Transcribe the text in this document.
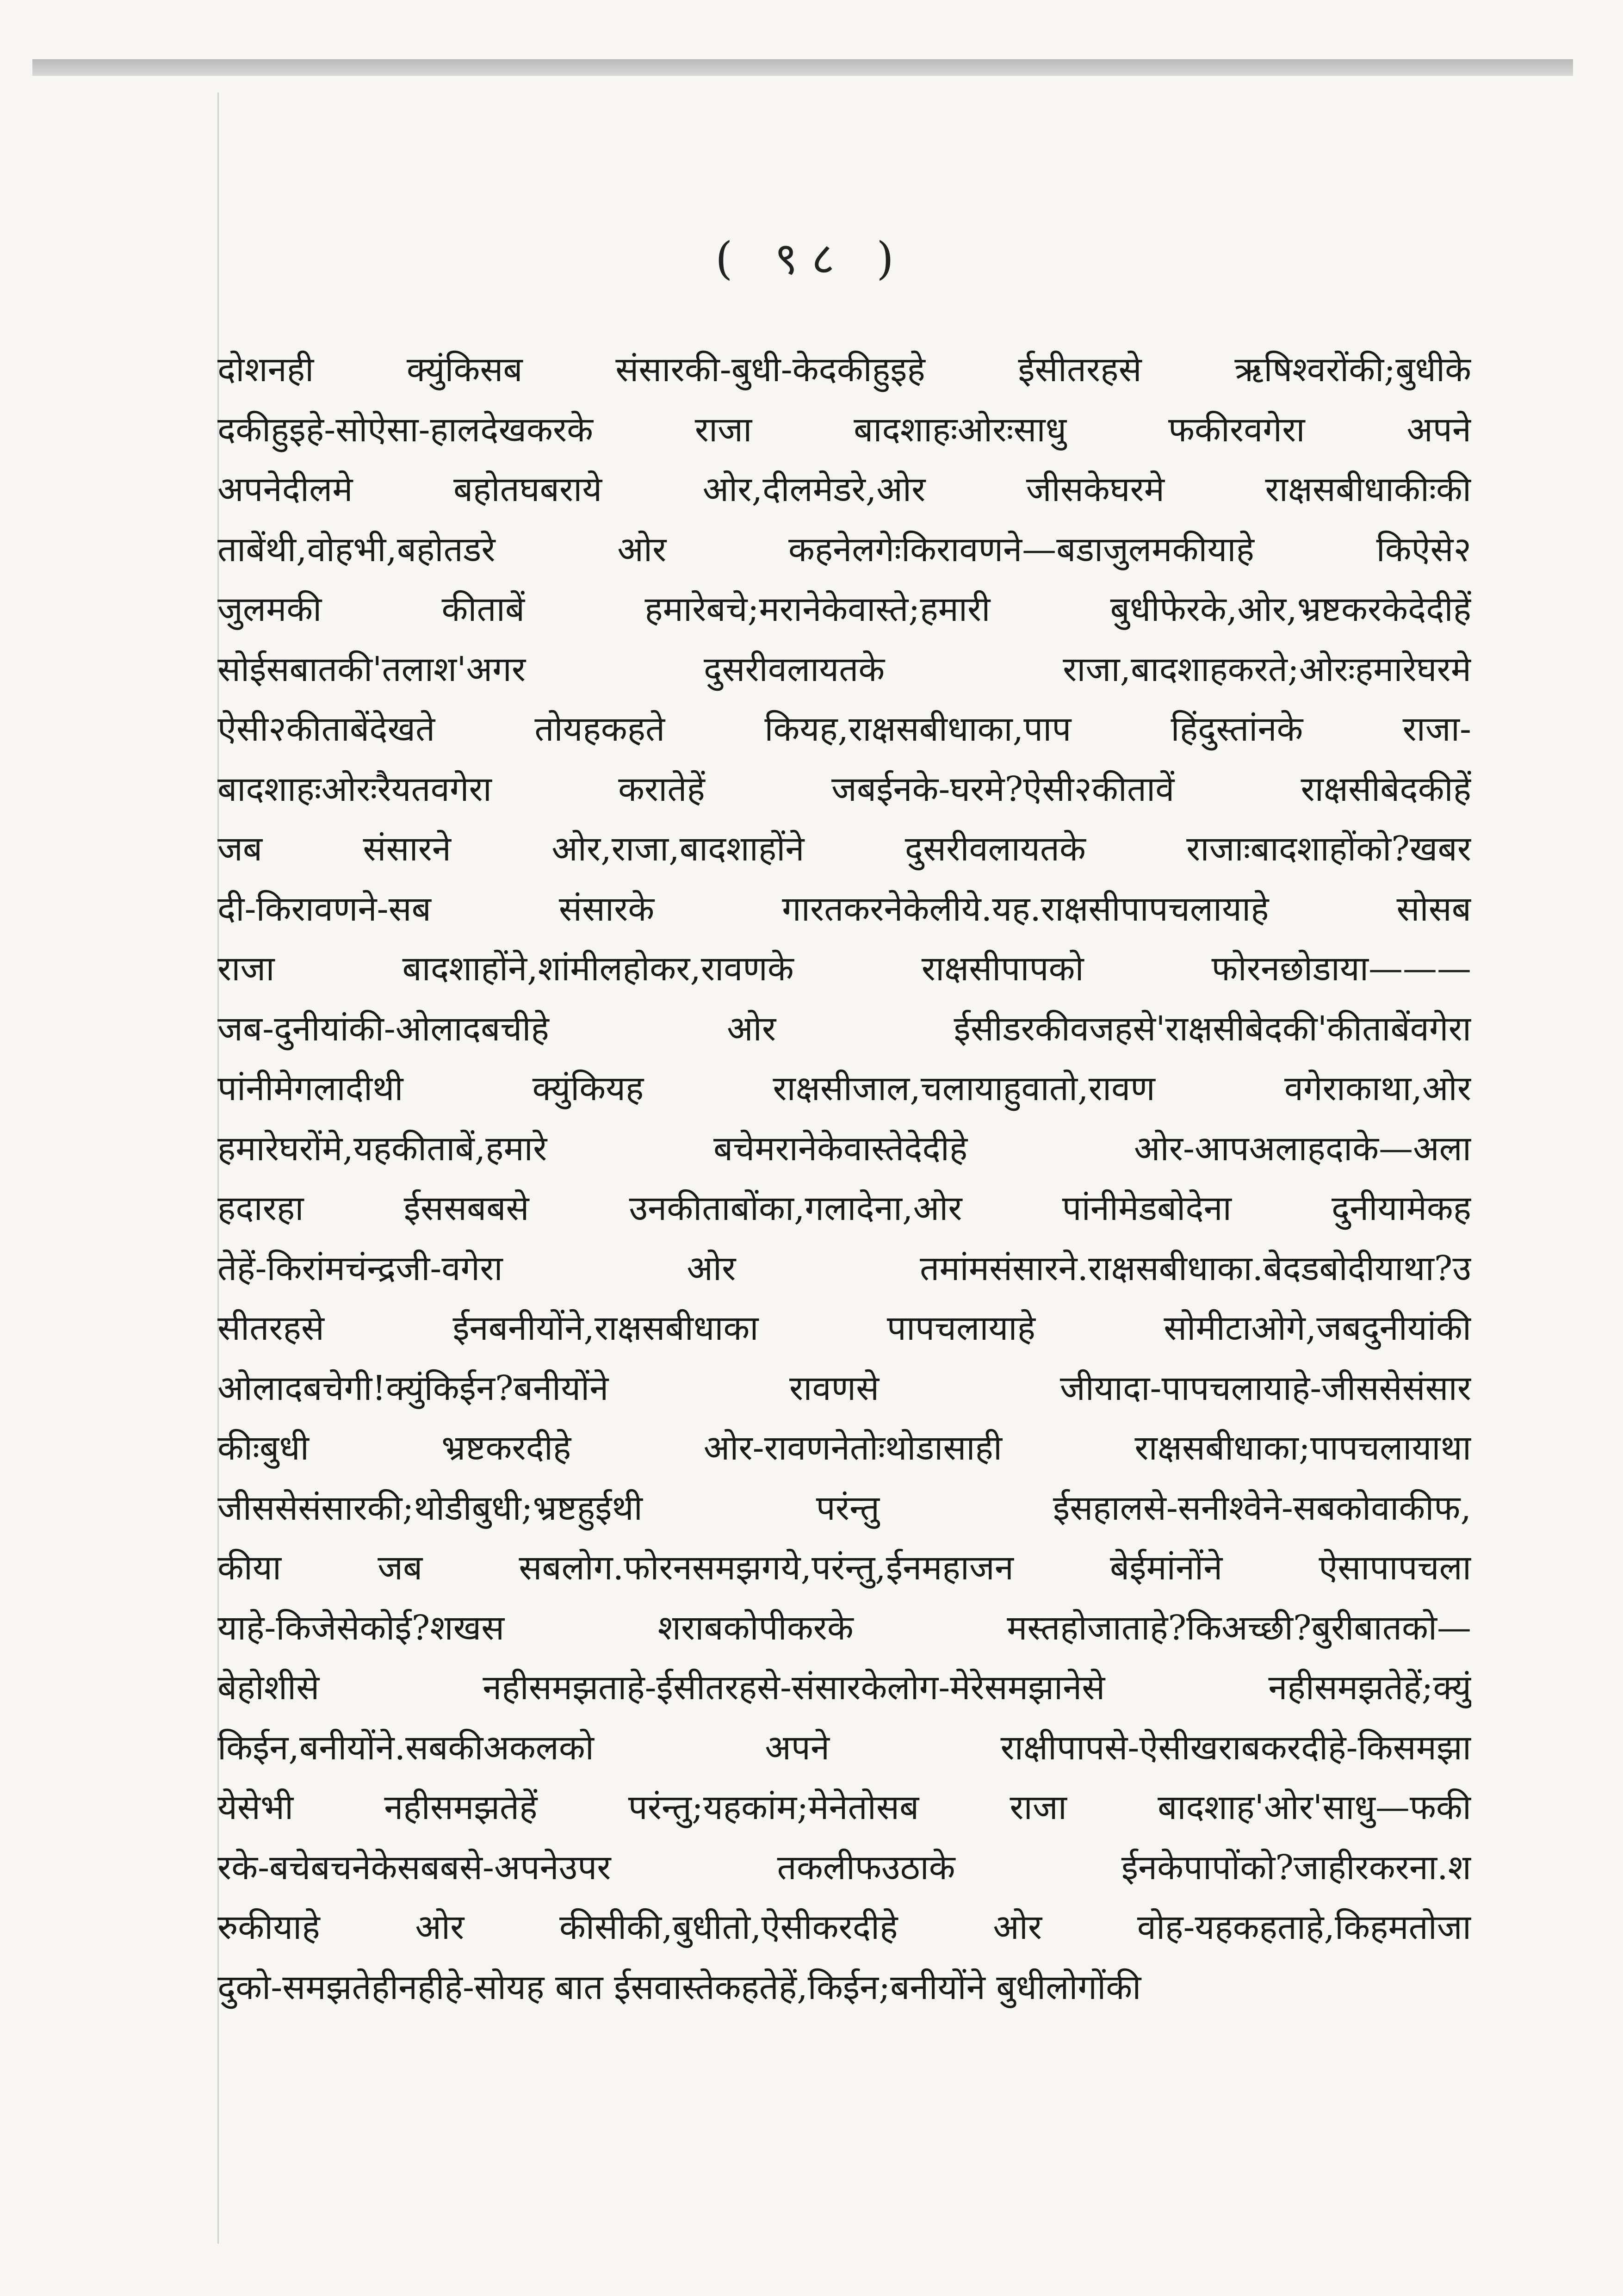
( ९८ )
दोशनही क्युंकिसब संसारकी-बुधी-केदकीहुइहे ईसीतरहसे ऋषिश्वरोंकी;बुधीके
दकीहुइहे-सोऐसा-हालदेखकरके राजा बादशाहःओरःसाधु फकीरवगेरा अपने
अपनेदीलमे बहोतघबराये ओर,दीलमेडरे,ओर जीसकेघरमे राक्षसबीधाकीःकी
ताबेंथी,वोहभी,बहोतडरे ओर कहनेलगेःकिरावणने—बडाजुलमकीयाहे किऐसे२
जुलमकी कीताबें हमारेबचे;मरानेकेवास्ते;हमारी बुधीफेरके,ओर,भ्रष्टकरकेदेदीहें
सोईसबातकी'तलाश'अगर दुसरीवलायतके राजा,बादशाहकरते;ओरःहमारेघरमे
ऐसी२कीताबेंदेखते तोयहकहते कियह,राक्षसबीधाका,पाप हिंदुस्तांनके राजा-
बादशाहःओरःरैयतवगेरा करातेहें जबईनके-घरमे?ऐसी२कीतावें राक्षसीबेदकीहें
जब संसारने ओर,राजा,बादशाहोंने दुसरीवलायतके राजाःबादशाहोंको?खबर
दी-किरावणने-सब संसारके गारतकरनेकेलीये.यह.राक्षसीपापचलायाहे सोसब
राजा बादशाहोंने,शांमीलहोकर,रावणके राक्षसीपापको फोरनछोडाया———
जब-दुनीयांकी-ओलादबचीहे ओर ईसीडरकीवजहसे'राक्षसीबेदकी'कीताबेंवगेरा
पांनीमेगलादीथी क्युंकियह राक्षसीजाल,चलायाहुवातो,रावण वगेराकाथा,ओर
हमारेघरोंमे,यहकीताबें,हमारे बचेमरानेकेवास्तेदेदीहे ओर-आपअलाहदाके—अला
हदारहा ईससबबसे उनकीताबोंका,गलादेना,ओर पांनीमेडबोदेना दुनीयामेकह
तेहें-किरांमचंन्द्रजी-वगेरा ओर तमांमसंसारने.राक्षसबीधाका.बेदडबोदीयाथा?उ
सीतरहसे ईनबनीयोंने,राक्षसबीधाका पापचलायाहे सोमीटाओगे,जबदुनीयांकी
ओलादबचेगी!क्युंकिईन?बनीयोंने रावणसे जीयादा-पापचलायाहे-जीससेसंसार
कीःबुधी भ्रष्टकरदीहे ओर-रावणनेतोःथोडासाही राक्षसबीधाका;पापचलायाथा
जीससेसंसारकी;थोडीबुधी;भ्रष्टहुईथी परंन्तु ईसहालसे-सनीश्वेने-सबकोवाकीफ,
कीया जब सबलोग.फोरनसमझगये,परंन्तु,ईनमहाजन बेईमांनोंने ऐसापापचला
याहे-किजेसेकोई?शखस शराबकोपीकरके मस्तहोजाताहे?किअच्छी?बुरीबातको—
बेहोशीसे नहीसमझताहे-ईसीतरहसे-संसारकेलोग-मेरेसमझानेसे नहीसमझतेहें;क्युं
किईन,बनीयोंने.सबकीअकलको अपने राक्षीपापसे-ऐसीखराबकरदीहे-किसमझा
येसेभी नहीसमझतेहें परंन्तु;यहकांम;मेनेतोसब राजा बादशाह'ओर'साधु—फकी
रके-बचेबचनेकेसबबसे-अपनेउपर तकलीफउठाके ईनकेपापोंको?जाहीरकरना.श
रुकीयाहे ओर कीसीकी,बुधीतो,ऐसीकरदीहे ओर वोह-यहकहताहे,किहमतोजा
दुको-समझतेहीनहीहे-सोयह बात ईसवास्तेकहतेहें,किईन;बनीयोंने बुधीलोगोंकी
